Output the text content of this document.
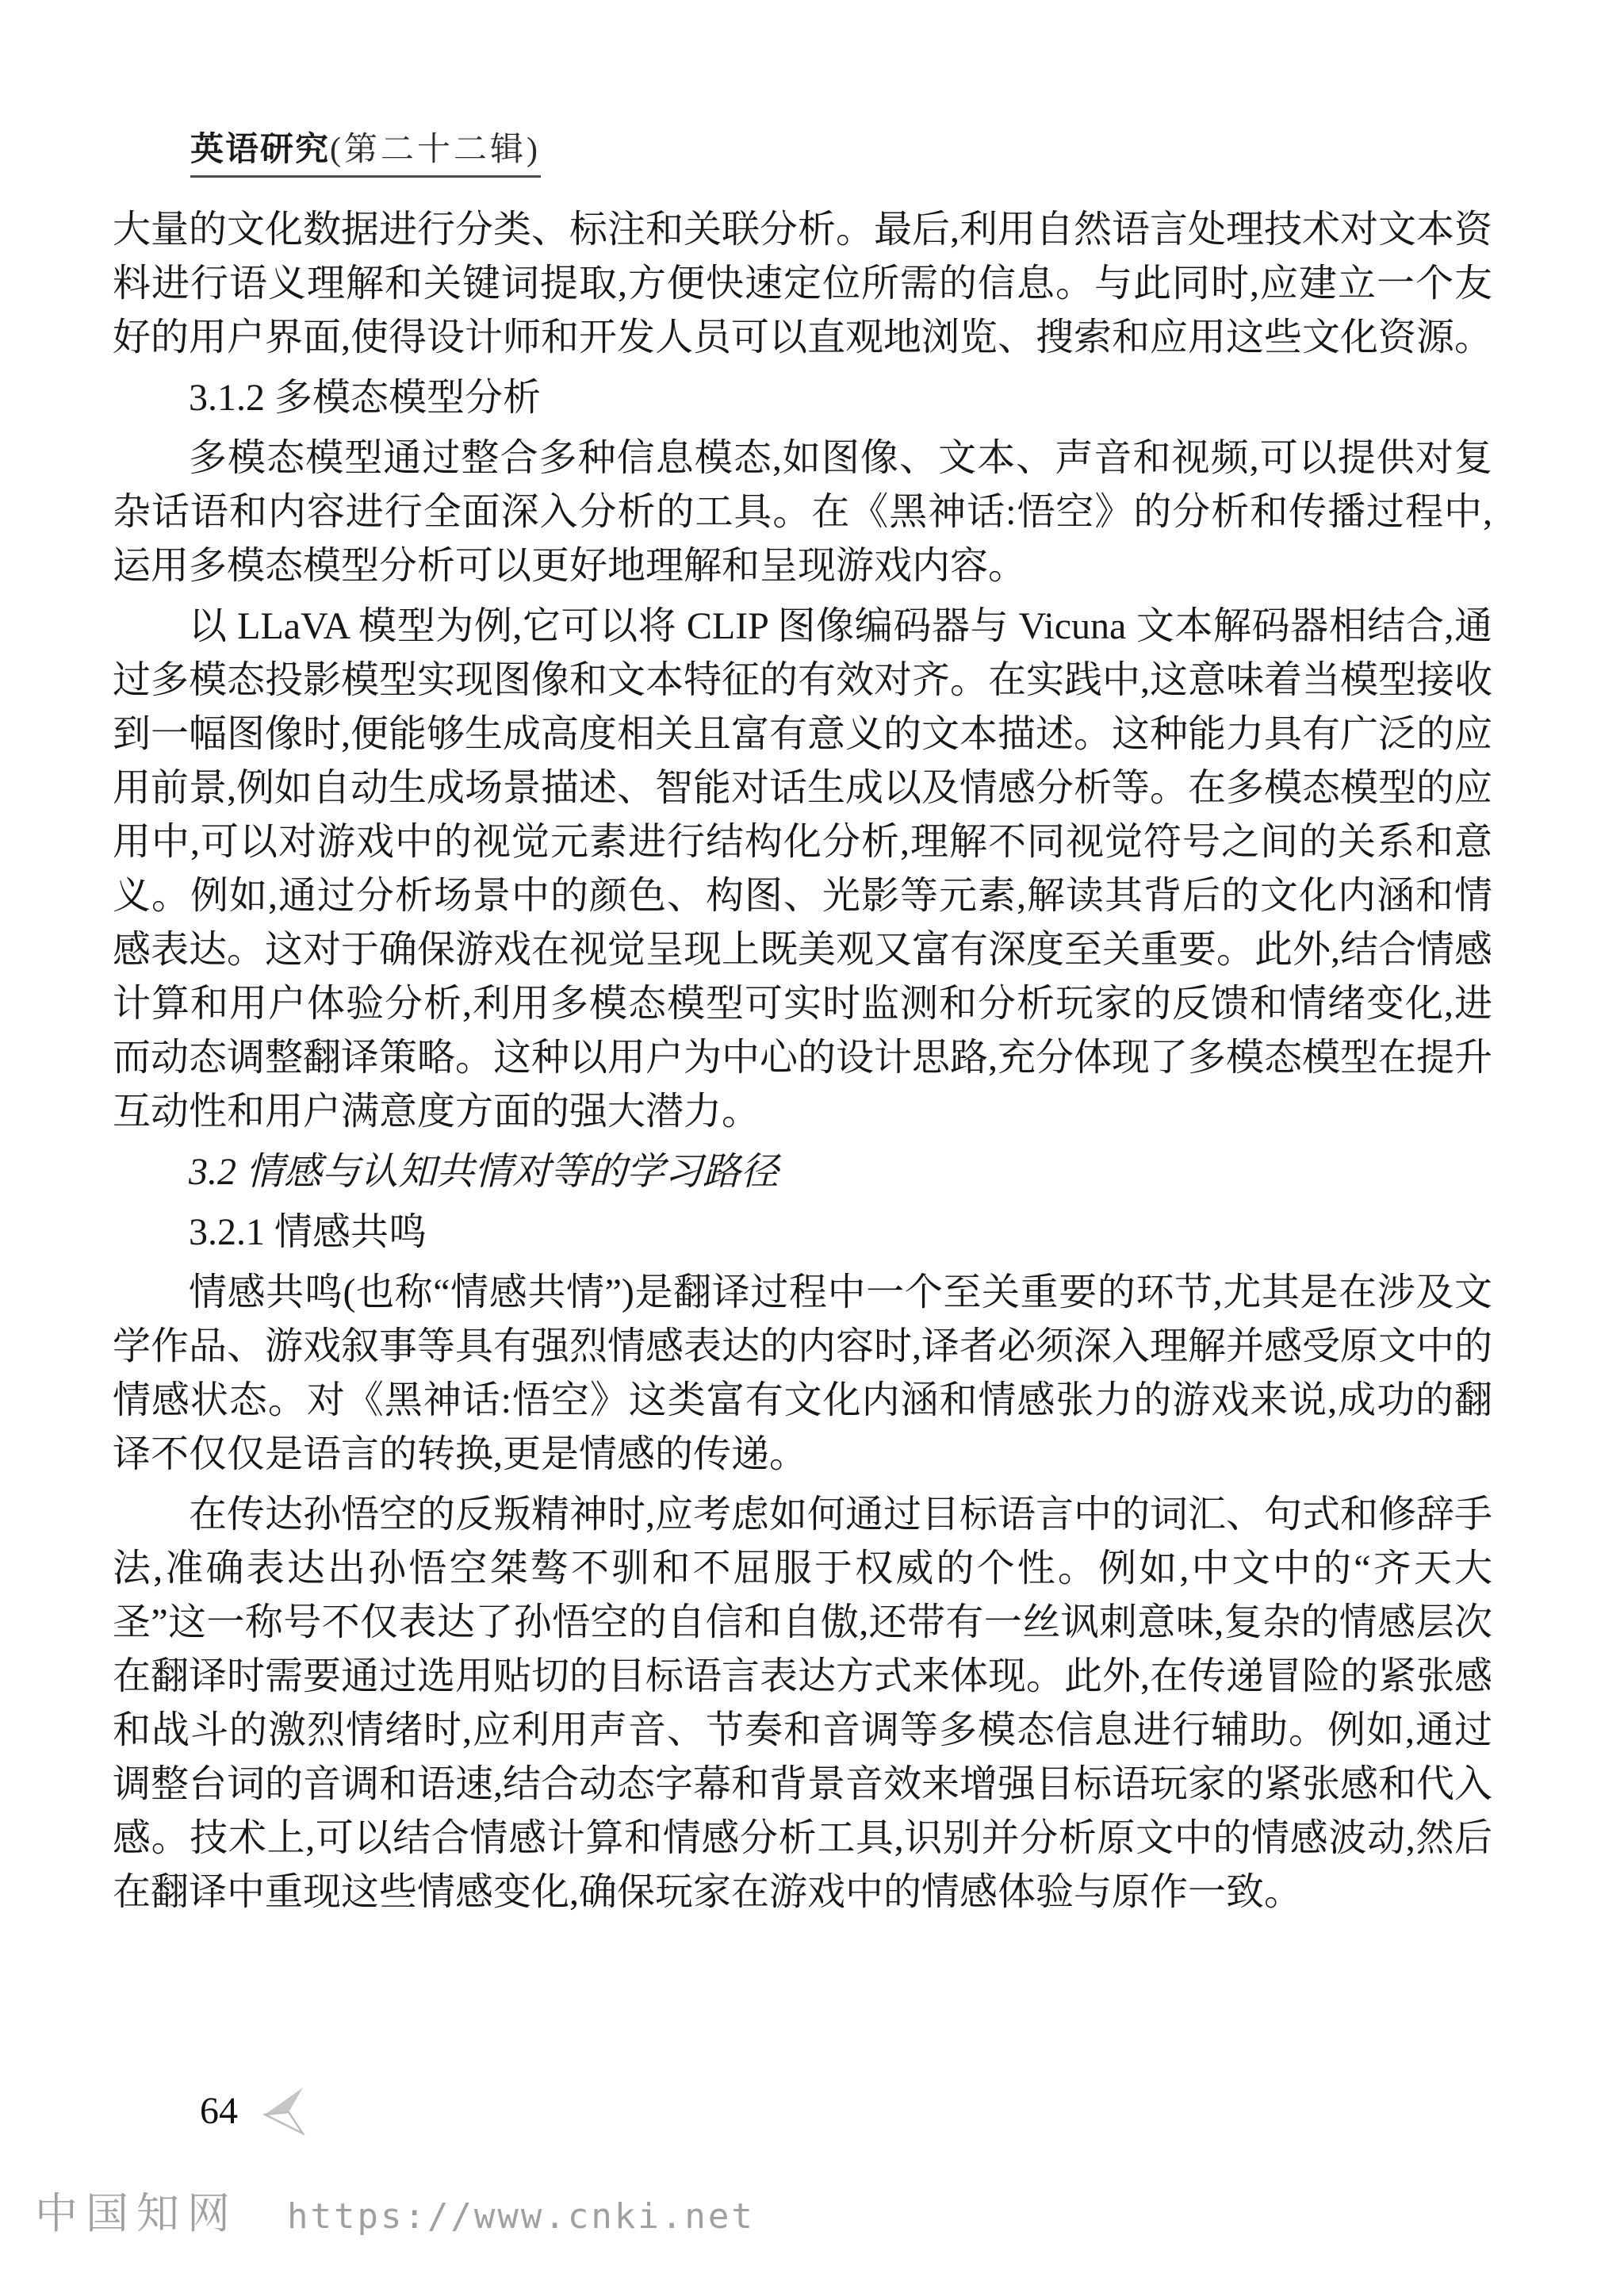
英语研究(第二十二辑)

大量的文化数据进行分类、标注和关联分析。最后,利用自然语言处理技术对文本资料进行语义理解和关键词提取,方便快速定位所需的信息。与此同时,应建立一个友好的用户界面,使得设计师和开发人员可以直观地浏览、搜索和应用这些文化资源。

3.1.2 多模态模型分析

多模态模型通过整合多种信息模态,如图像、文本、声音和视频,可以提供对复杂话语和内容进行全面深入分析的工具。在《黑神话:悟空》的分析和传播过程中,运用多模态模型分析可以更好地理解和呈现游戏内容。

以 LLaVA 模型为例,它可以将 CLIP 图像编码器与 Vicuna 文本解码器相结合,通过多模态投影模型实现图像和文本特征的有效对齐。在实践中,这意味着当模型接收到一幅图像时,便能够生成高度相关且富有意义的文本描述。这种能力具有广泛的应用前景,例如自动生成场景描述、智能对话生成以及情感分析等。在多模态模型的应用中,可以对游戏中的视觉元素进行结构化分析,理解不同视觉符号之间的关系和意义。例如,通过分析场景中的颜色、构图、光影等元素,解读其背后的文化内涵和情感表达。这对于确保游戏在视觉呈现上既美观又富有深度至关重要。此外,结合情感计算和用户体验分析,利用多模态模型可实时监测和分析玩家的反馈和情绪变化,进而动态调整翻译策略。这种以用户为中心的设计思路,充分体现了多模态模型在提升互动性和用户满意度方面的强大潜力。

3.2 情感与认知共情对等的学习路径

3.2.1 情感共鸣

情感共鸣(也称“情感共情”)是翻译过程中一个至关重要的环节,尤其是在涉及文学作品、游戏叙事等具有强烈情感表达的内容时,译者必须深入理解并感受原文中的情感状态。对《黑神话:悟空》这类富有文化内涵和情感张力的游戏来说,成功的翻译不仅仅是语言的转换,更是情感的传递。

在传达孙悟空的反叛精神时,应考虑如何通过目标语言中的词汇、句式和修辞手法,准确表达出孙悟空桀骜不驯和不屈服于权威的个性。例如,中文中的“齐天大圣”这一称号不仅表达了孙悟空的自信和自傲,还带有一丝讽刺意味,复杂的情感层次在翻译时需要通过选用贴切的目标语言表达方式来体现。此外,在传递冒险的紧张感和战斗的激烈情绪时,应利用声音、节奏和音调等多模态信息进行辅助。例如,通过调整台词的音调和语速,结合动态字幕和背景音效来增强目标语玩家的紧张感和代入感。技术上,可以结合情感计算和情感分析工具,识别并分析原文中的情感波动,然后在翻译中重现这些情感变化,确保玩家在游戏中的情感体验与原作一致。

64
中国知网 https://www.cnki.net
